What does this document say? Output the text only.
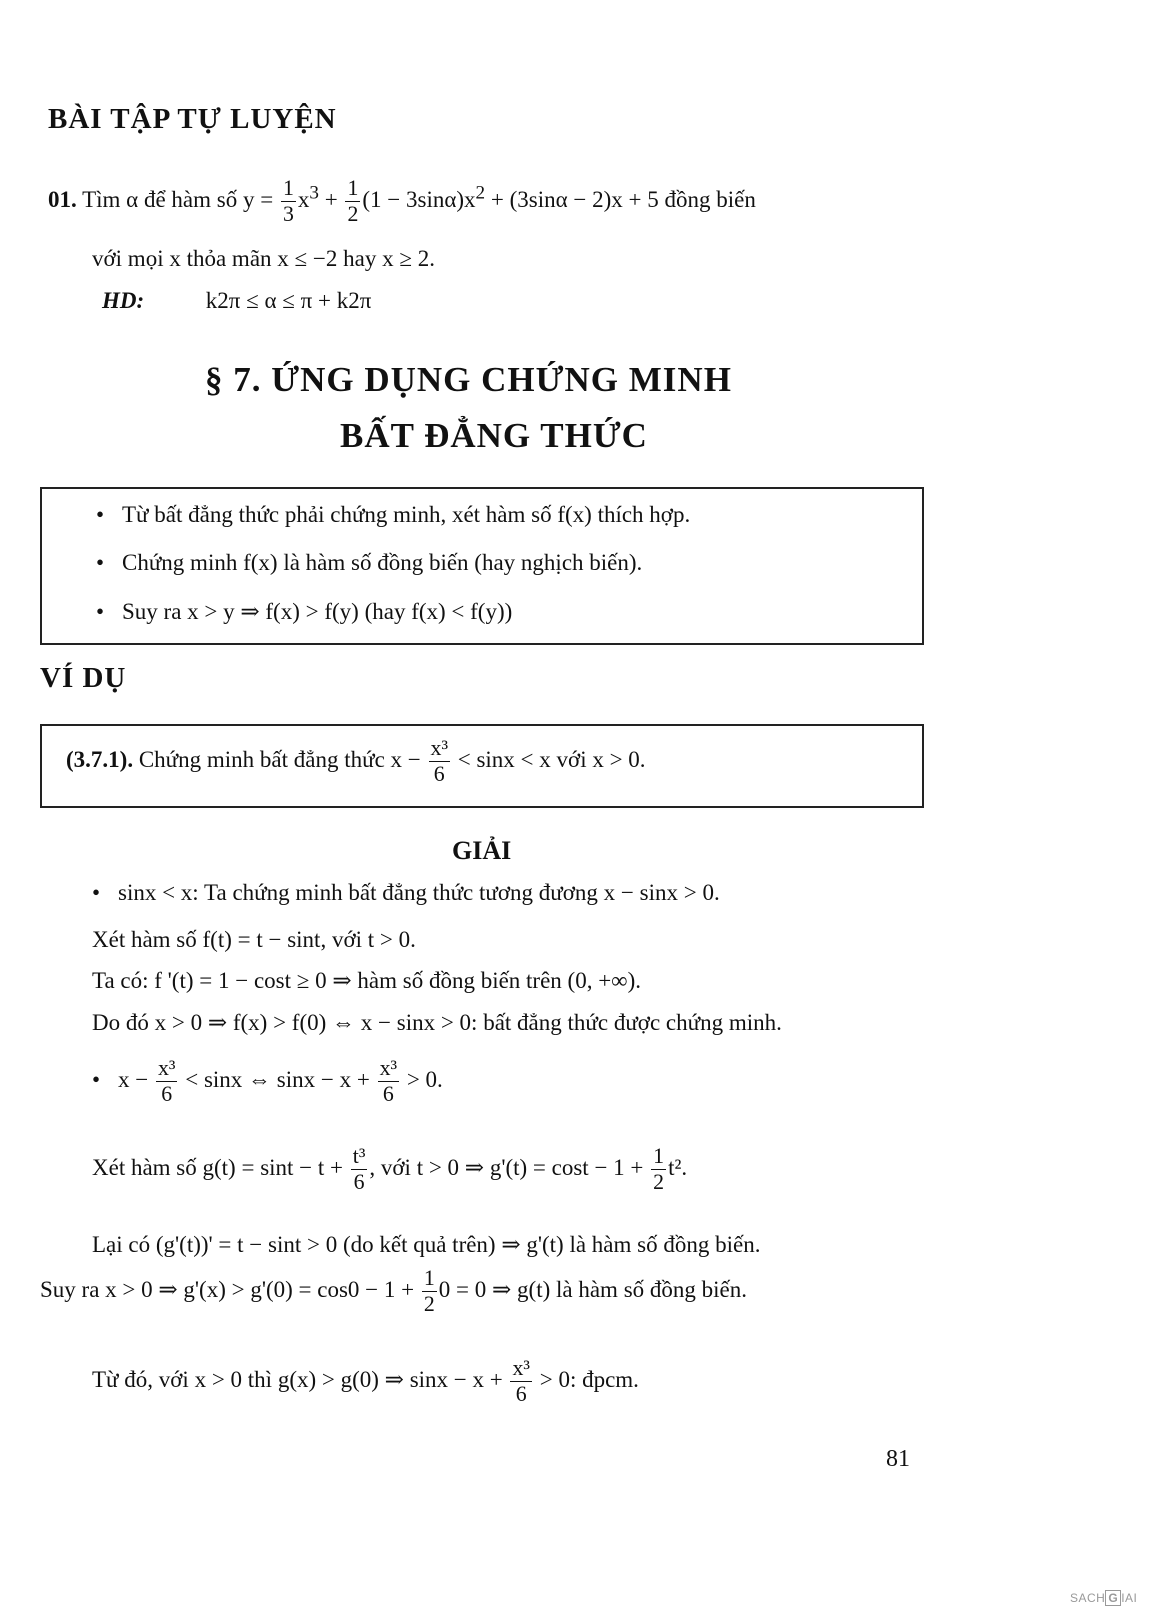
BÀI TẬP TỰ LUYỆN
01. Tìm α để hàm số $y = \frac{1}{3} x^3 + \frac{1}{2} (1 - 3\sin\alpha)x^2 + (3\sin\alpha - 2)x + 5$ đồng biến
với mọi x thỏa mãn x ≤ −2 hay x ≥ 2.
HD:	k2π ≤ α ≤ π + k2π
§ 7. ỨNG DỤNG CHỨNG MINH
BẤT ĐẲNG THỨC
• Từ bất đẳng thức phải chứng minh, xét hàm số f(x) thích hợp.
• Chứng minh f(x) là hàm số đồng biến (hay nghịch biến).
• Suy ra x > y ⇒ f(x) > f(y) (hay f(x) < f(y))
VÍ DỤ
(3.7.1). Chứng minh bất đẳng thức $x - \frac{\text{x³}}{6} < \sin x < x$ với x > 0.
GIẢI
• sinx < x: Ta chứng minh bất đẳng thức tương đương x − sinx > 0.
Xét hàm số f(t) = t − sint, với t > 0.
Ta có: f '(t) = 1 − cost ≥ 0 ⇒ hàm số đồng biến trên (0, +∞).
Do đó x > 0 ⇒ f(x) > f(0) ⇔ x − sinx > 0: bất đẳng thức được chứng minh.
• $x - \frac{\text{x³}}{6} < \sin x$ ⇔ $\sin x - x + \frac{\text{x³}}{6} > 0$.
Xét hàm số $g(t) = \sin t - t + \frac{\text{t³}}{6}$ , với t > 0 ⇒ $g'(t) = \cos t - 1 + \frac{1}{2} t^2$.
Lại có (g'(t))' = t − sint > 0 (do kết quả trên) ⇒ g'(t) là hàm số đồng biến.
Suy ra x > 0 ⇒ $g'(x) > g'(0) = \cos 0 - 1 + \frac{1}{2} 0 = 0$ ⇒ g(t) là hàm số đồng biến.
Từ đó, với x > 0 thì g(x) > g(0) ⇒ $\sin x - x + \frac{\text{x³}}{6} > 0$: đpcm.
81
SACH G IAI
